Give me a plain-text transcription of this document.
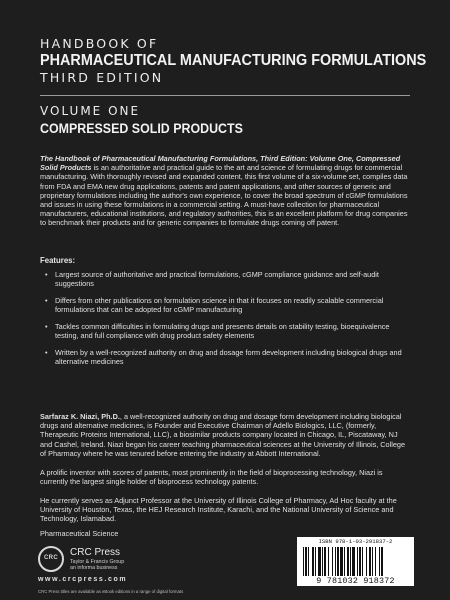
HANDBOOK OF
PHARMACEUTICAL MANUFACTURING FORMULATIONS
THIRD EDITION
VOLUME ONE
COMPRESSED SOLID PRODUCTS
The Handbook of Pharmaceutical Manufacturing Formulations, Third Edition: Volume One, Compressed Solid Products is an authoritative and practical guide to the art and science of formulating drugs for commercial manufacturing. With thoroughly revised and expanded content, this first volume of a six-volume set, compiles data from FDA and EMA new drug applications, patents and patent applications, and other sources of generic and proprietary formulations including the author's own experience, to cover the broad spectrum of cGMP formulations and issues in using these formulations in a commercial setting. A must-have collection for pharmaceutical manufacturers, educational institutions, and regulatory authorities, this is an excellent platform for drug companies to benchmark their products and for generic companies to formulate drugs coming off patent.
Features:
• Largest source of authoritative and practical formulations, cGMP compliance guidance and self-audit suggestions
• Differs from other publications on formulation science in that it focuses on readily scalable commercial formulations that can be adopted for cGMP manufacturing
• Tackles common difficulties in formulating drugs and presents details on stability testing, bioequivalence testing, and full compliance with drug product safety elements
• Written by a well-recognized authority on drug and dosage form development including biological drugs and alternative medicines
Sarfaraz K. Niazi, Ph.D., a well-recognized authority on drug and dosage form development including biological drugs and alternative medicines, is Founder and Executive Chairman of Adello Biologics, LLC, (formerly, Therapeutic Proteins International, LLC), a biosimilar products company located in Chicago, IL, Piscataway, NJ and Cashel, Ireland. Niazi began his career teaching pharmaceutical sciences at the University of Illinois, College of Pharmacy where he was tenured before entering the industry at Abbott International.
A prolific inventor with scores of patents, most prominently in the field of bioprocessing technology, Niazi is currently the largest single holder of bioprocess technology patents.
He currently serves as Adjunct Professor at the University of Illinois College of Pharmacy, Ad Hoc faculty at the University of Houston, Texas, the HEJ Research Institute, Karachi, and the National University of Science and Technology, Islamabad.
Pharmaceutical Science
CRC	CRC Press
Taylor & Francis Group
an informa business
www.crcpress.com
CRC Press titles are available as eBook editions in a range of digital formats
ISBN 978-1-03-291837-2
9 781032 918372
